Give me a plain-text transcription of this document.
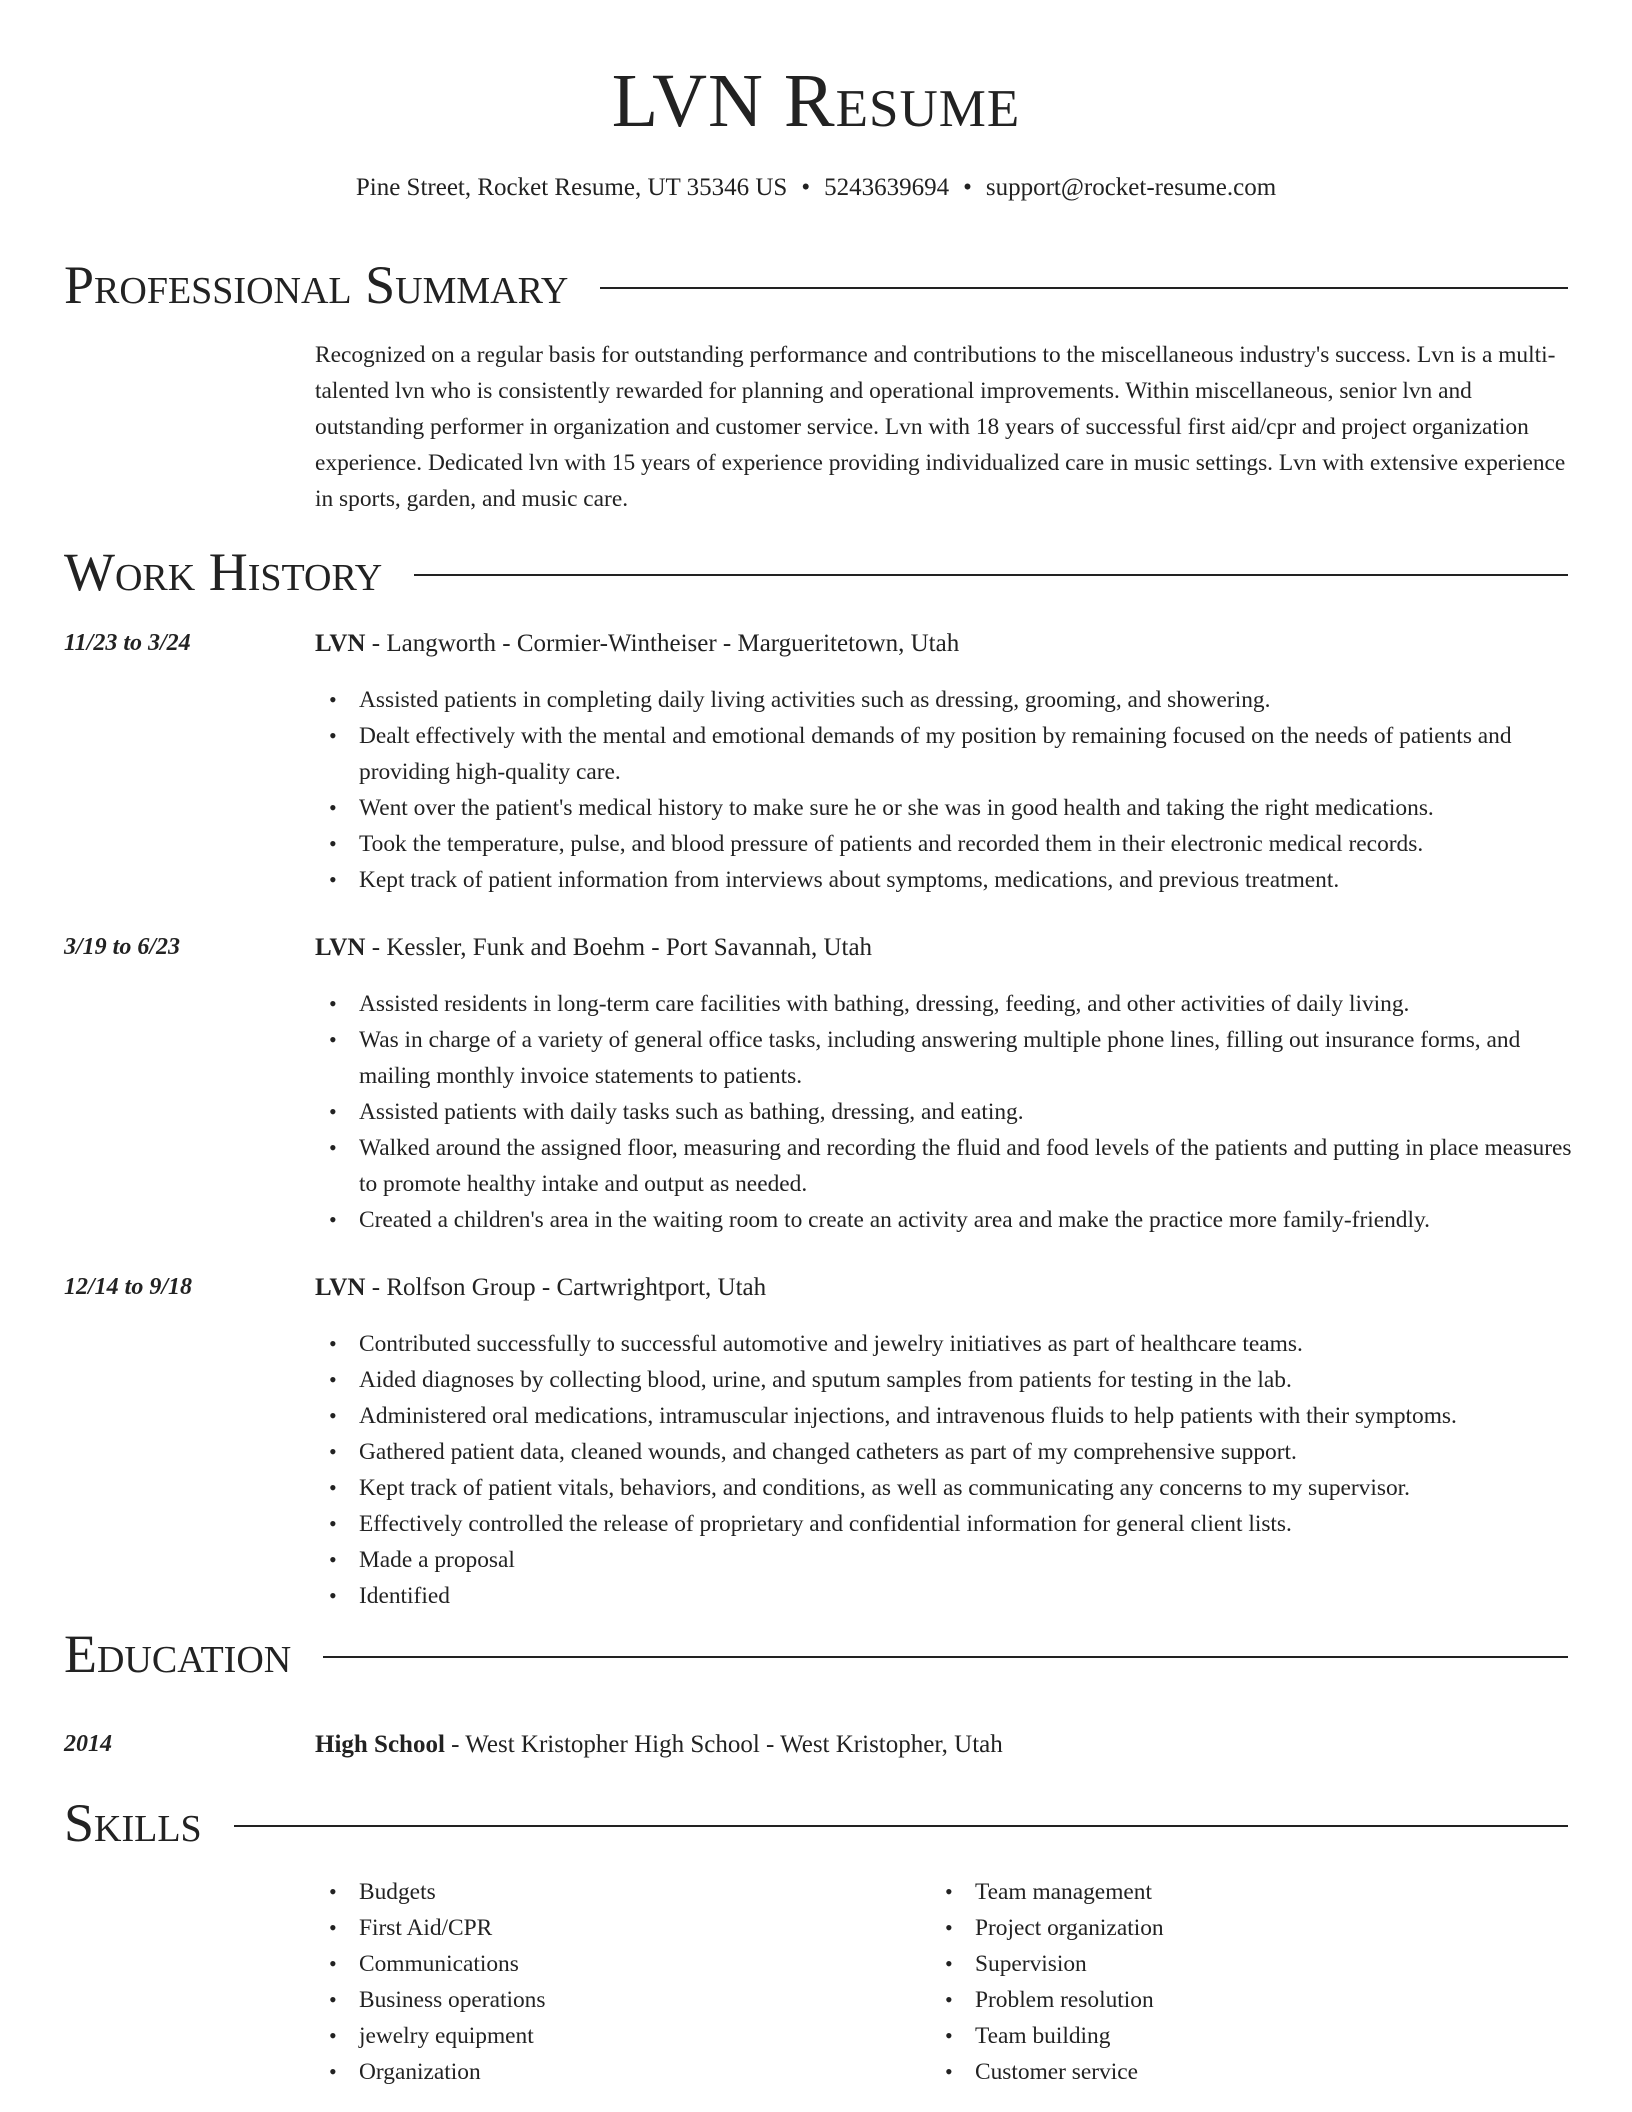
LVN Resume
Pine Street, Rocket Resume, UT 35346 US • 5243639694 • support@rocket-resume.com
Professional Summary

Recognized on a regular basis for outstanding performance and contributions to the miscellaneous industry's success. Lvn is a multi-talented lvn who is consistently rewarded for planning and operational improvements. Within miscellaneous, senior lvn and outstanding performer in organization and customer service. Lvn with 18 years of successful first aid/cpr and project organization experience. Dedicated lvn with 15 years of experience providing individualized care in music settings. Lvn with extensive experience in sports, garden, and music care.

Work History
11/23 to 3/24	LVN - Langworth - Cormier-Wintheiser - Margueritetown, Utah
• Assisted patients in completing daily living activities such as dressing, grooming, and showering.
• Dealt effectively with the mental and emotional demands of my position by remaining focused on the needs of patients and providing high-quality care.
• Went over the patient's medical history to make sure he or she was in good health and taking the right medications.
• Took the temperature, pulse, and blood pressure of patients and recorded them in their electronic medical records.
• Kept track of patient information from interviews about symptoms, medications, and previous treatment.
3/19 to 6/23	LVN - Kessler, Funk and Boehm - Port Savannah, Utah
• Assisted residents in long-term care facilities with bathing, dressing, feeding, and other activities of daily living.
• Was in charge of a variety of general office tasks, including answering multiple phone lines, filling out insurance forms, and mailing monthly invoice statements to patients.
• Assisted patients with daily tasks such as bathing, dressing, and eating.
• Walked around the assigned floor, measuring and recording the fluid and food levels of the patients and putting in place measures to promote healthy intake and output as needed.
• Created a children's area in the waiting room to create an activity area and make the practice more family-friendly.
12/14 to 9/18	LVN - Rolfson Group - Cartwrightport, Utah
• Contributed successfully to successful automotive and jewelry initiatives as part of healthcare teams.
• Aided diagnoses by collecting blood, urine, and sputum samples from patients for testing in the lab.
• Administered oral medications, intramuscular injections, and intravenous fluids to help patients with their symptoms.
• Gathered patient data, cleaned wounds, and changed catheters as part of my comprehensive support.
• Kept track of patient vitals, behaviors, and conditions, as well as communicating any concerns to my supervisor.
• Effectively controlled the release of proprietary and confidential information for general client lists.
• Made a proposal
• Identified
Education
2014	High School - West Kristopher High School - West Kristopher, Utah
Skills
• Budgets
• First Aid/CPR
• Communications
• Business operations
• jewelry equipment
• Organization
• Team management
• Project organization
• Supervision
• Problem resolution
• Team building
• Customer service
